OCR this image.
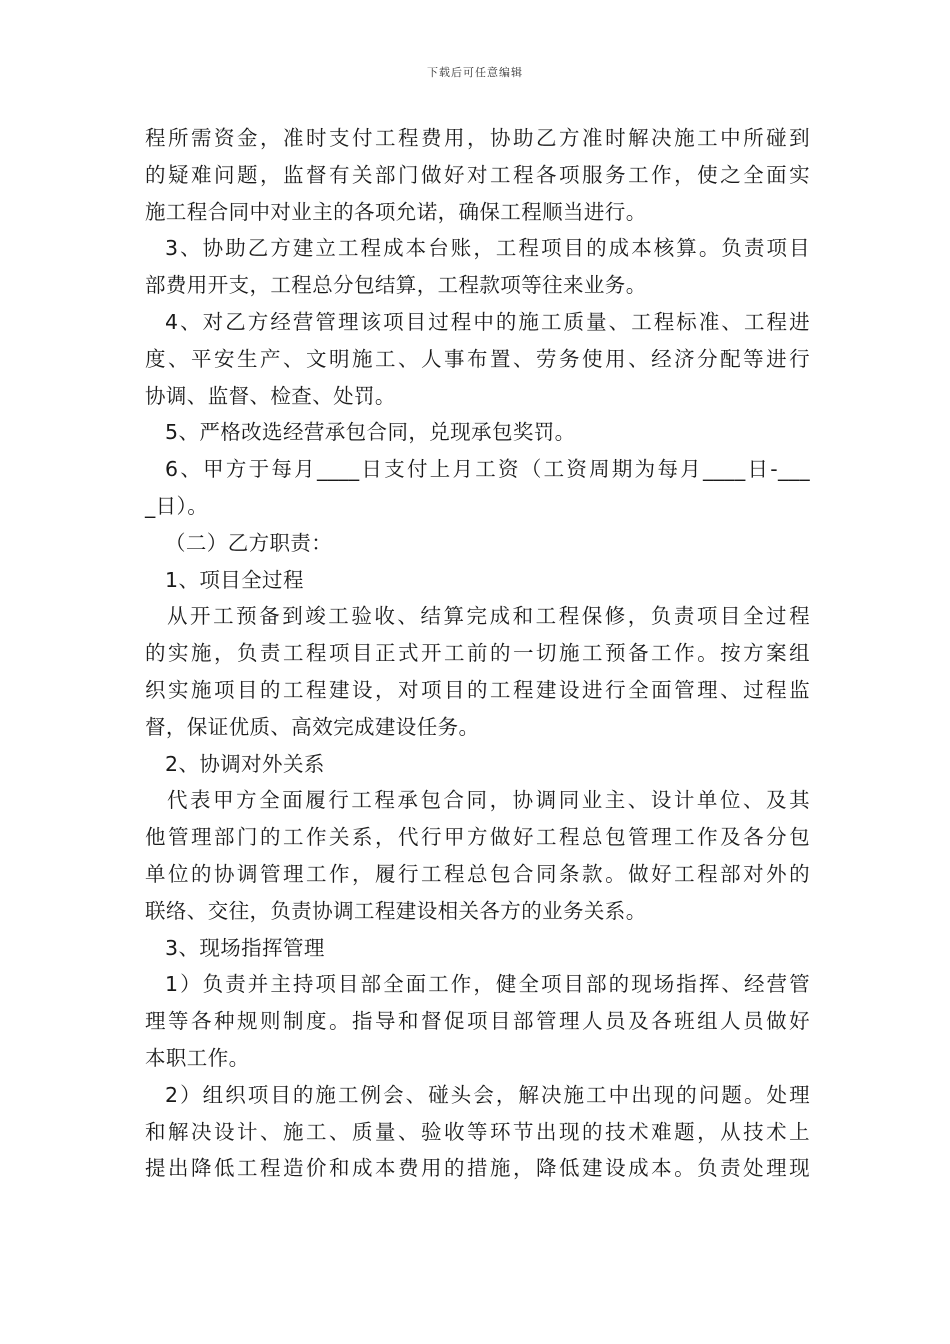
下载后可任意编辑
程所需资金，准时支付工程费用，协助乙方准时解决施工中所碰到
的疑难问题，监督有关部门做好对工程各项服务工作，使之全面实
施工程合同中对业主的各项允诺，确保工程顺当进行。
3、协助乙方建立工程成本台账，工程项目的成本核算。负责项目
部费用开支，工程总分包结算，工程款项等往来业务。
4、对乙方经营管理该项目过程中的施工质量、工程标准、工程进
度、平安生产、文明施工、人事布置、劳务使用、经济分配等进行
协调、监督、检查、处罚。
5、严格改选经营承包合同，兑现承包奖罚。
6、甲方于每月____日支付上月工资（工资周期为每月____日-___
_日）。
（二）乙方职责：
1、项目全过程
从开工预备到竣工验收、结算完成和工程保修，负责项目全过程
的实施，负责工程项目正式开工前的一切施工预备工作。按方案组
织实施项目的工程建设，对项目的工程建设进行全面管理、过程监
督，保证优质、高效完成建设任务。
2、协调对外关系
代表甲方全面履行工程承包合同，协调同业主、设计单位、及其
他管理部门的工作关系，代行甲方做好工程总包管理工作及各分包
单位的协调管理工作，履行工程总包合同条款。做好工程部对外的
联络、交往，负责协调工程建设相关各方的业务关系。
3、现场指挥管理
1）负责并主持项目部全面工作，健全项目部的现场指挥、经营管
理等各种规则制度。指导和督促项目部管理人员及各班组人员做好
本职工作。
2）组织项目的施工例会、碰头会，解决施工中出现的问题。处理
和解决设计、施工、质量、验收等环节出现的技术难题，从技术上
提出降低工程造价和成本费用的措施，降低建设成本。负责处理现
